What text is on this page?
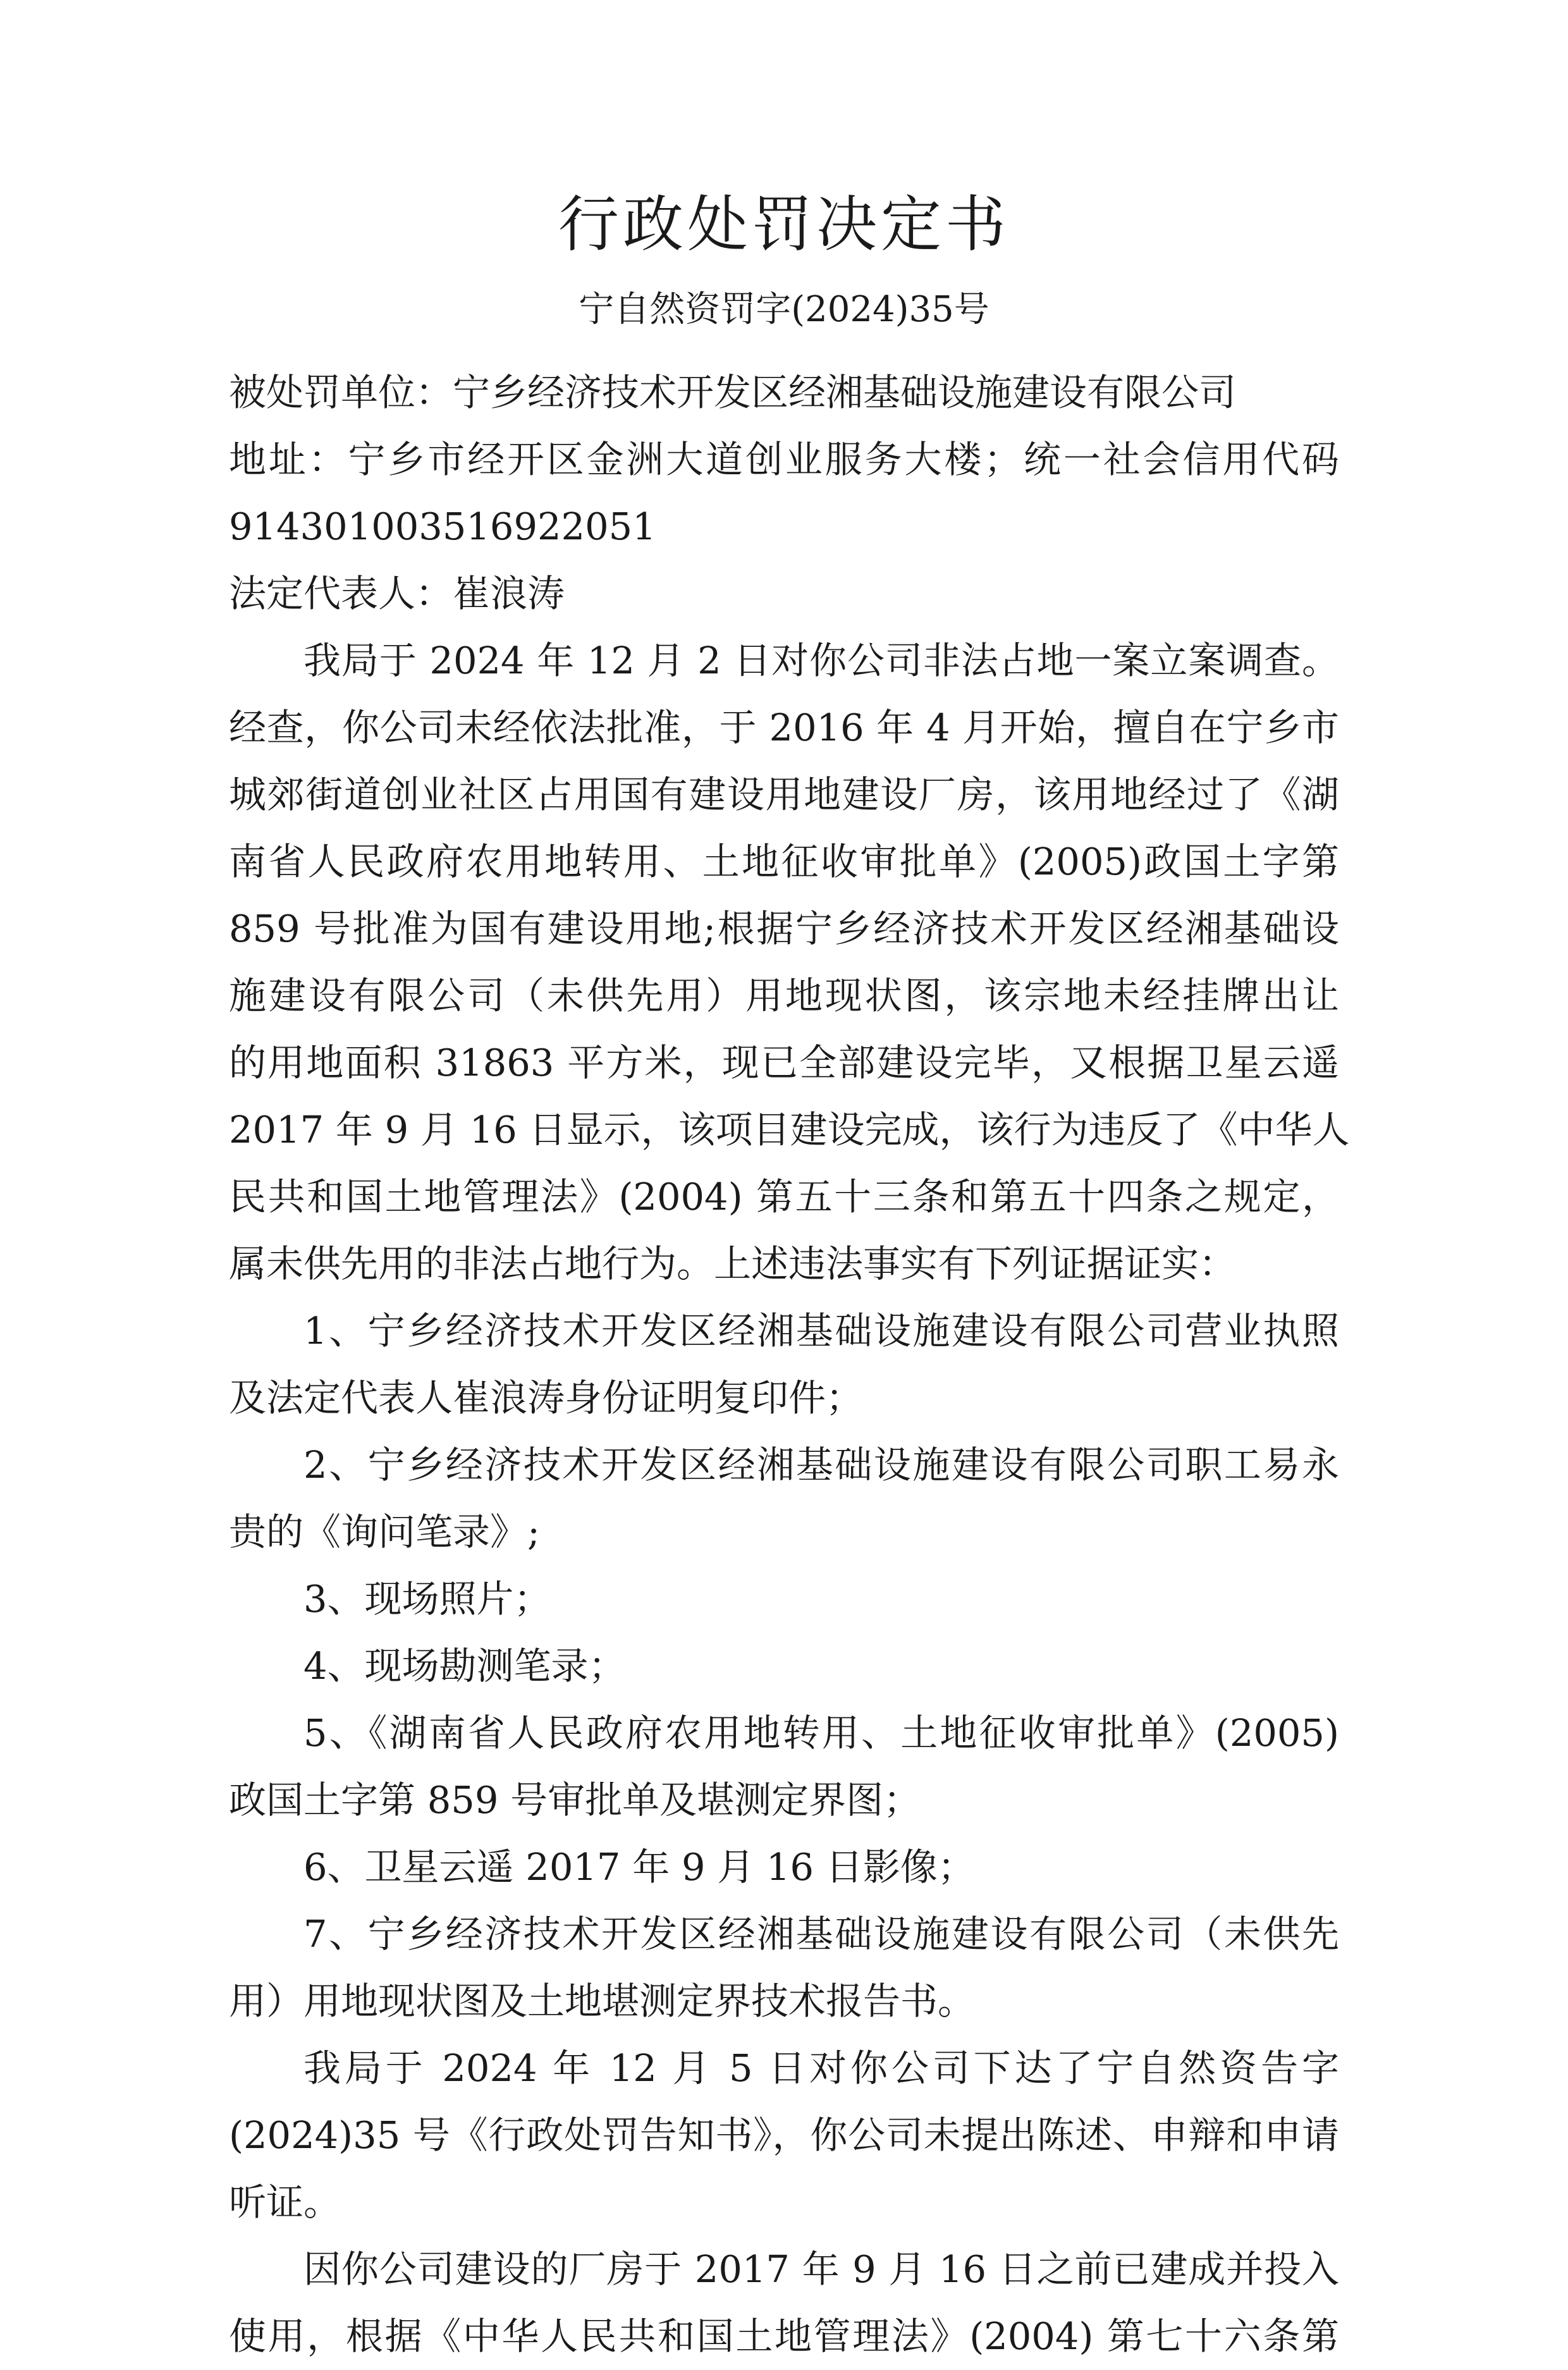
行政处罚决定书
宁自然资罚字(2024)35号
被处罚单位：宁乡经济技术开发区经湘基础设施建设有限公司
地址：宁乡市经开区金洲大道创业服务大楼；统一社会信用代码
914301003516922051
法定代表人：崔浪涛
我局于 2024 年 12 月 2 日对你公司非法占地一案立案调查。
经查，你公司未经依法批准，于 2016 年 4 月开始，擅自在宁乡市
城郊街道创业社区占用国有建设用地建设厂房，该用地经过了《湖
南省人民政府农用地转用、土地征收审批单》(2005)政国土字第
859 号批准为国有建设用地;根据宁乡经济技术开发区经湘基础设
施建设有限公司（未供先用）用地现状图，该宗地未经挂牌出让
的用地面积 31863 平方米，现已全部建设完毕，又根据卫星云遥
2017 年 9 月 16 日显示，该项目建设完成，该行为违反了《中华人
民共和国土地管理法》(2004) 第五十三条和第五十四条之规定，
属未供先用的非法占地行为。上述违法事实有下列证据证实：
1、宁乡经济技术开发区经湘基础设施建设有限公司营业执照
及法定代表人崔浪涛身份证明复印件；
2、宁乡经济技术开发区经湘基础设施建设有限公司职工易永
贵的《询问笔录》;
3、现场照片；
4、现场勘测笔录；
5、《湖南省人民政府农用地转用、土地征收审批单》(2005)
政国土字第 859 号审批单及堪测定界图；
6、卫星云遥 2017 年 9 月 16 日影像；
7、宁乡经济技术开发区经湘基础设施建设有限公司（未供先
用）用地现状图及土地堪测定界技术报告书。
我局于 2024 年 12 月 5 日对你公司下达了宁自然资告字
(2024)35 号《行政处罚告知书》，你公司未提出陈述、申辩和申请
听证。
因你公司建设的厂房于 2017 年 9 月 16 日之前已建成并投入
使用，根据《中华人民共和国土地管理法》(2004) 第七十六条第
